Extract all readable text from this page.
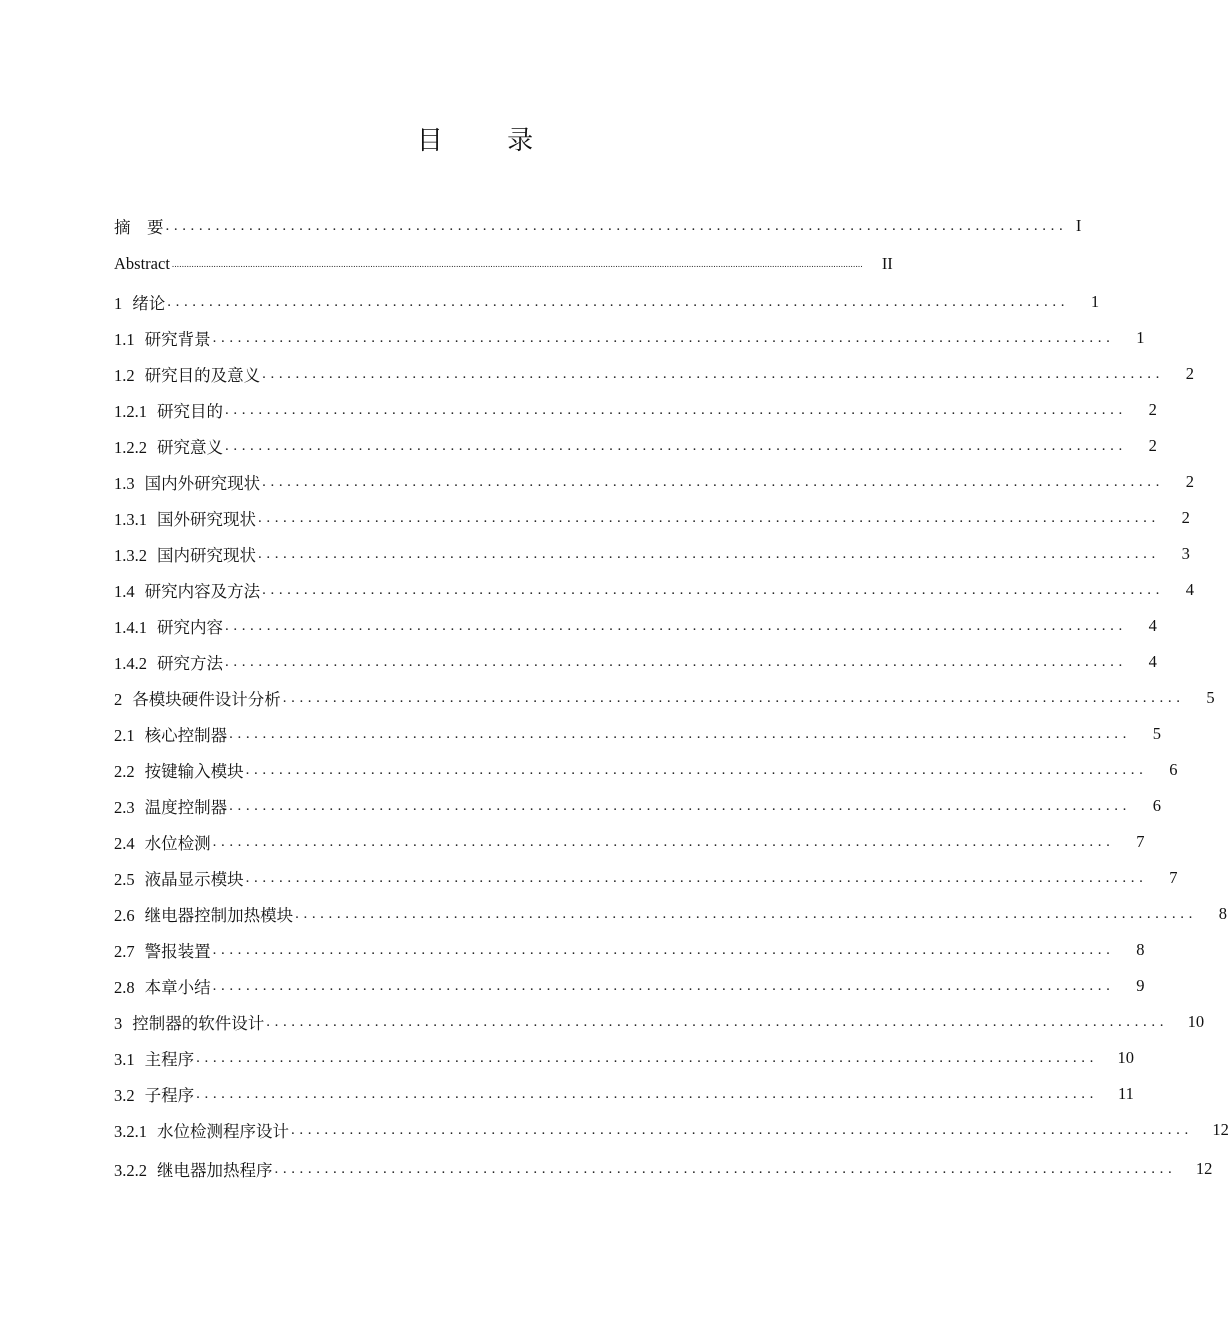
目 录
摘　要 ............................................................................................................ I
Abstract ..........................................................................................................................................................................................................................................................................................	II
1 绪论 ............................................................................................................	1
1.1 研究背景 ............................................................................................................	1
1.2 研究目的及意义 ............................................................................................................	2
1.2.1 研究目的 ............................................................................................................	2
1.2.2 研究意义 ............................................................................................................	2
1.3 国内外研究现状 ............................................................................................................	2
1.3.1 国外研究现状 ............................................................................................................	2
1.3.2 国内研究现状 ............................................................................................................	3
1.4 研究内容及方法 ............................................................................................................	4
1.4.1 研究内容 ............................................................................................................	4
1.4.2 研究方法 ............................................................................................................	4
2 各模块硬件设计分析 ............................................................................................................	5
2.1 核心控制器 ............................................................................................................	5
2.2 按键输入模块 ............................................................................................................	6
2.3 温度控制器 ............................................................................................................	6
2.4 水位检测 ............................................................................................................	7
2.5 液晶显示模块 ............................................................................................................	7
2.6 继电器控制加热模块 ............................................................................................................	8
2.7 警报装置 ............................................................................................................	8
2.8 本章小结 ............................................................................................................	9
3 控制器的软件设计 ............................................................................................................	10
3.1 主程序 ............................................................................................................	10
3.2 子程序 ............................................................................................................	11
3.2.1 水位检测程序设计 ............................................................................................................	12
3.2.2 继电器加热程序 ............................................................................................................	12
